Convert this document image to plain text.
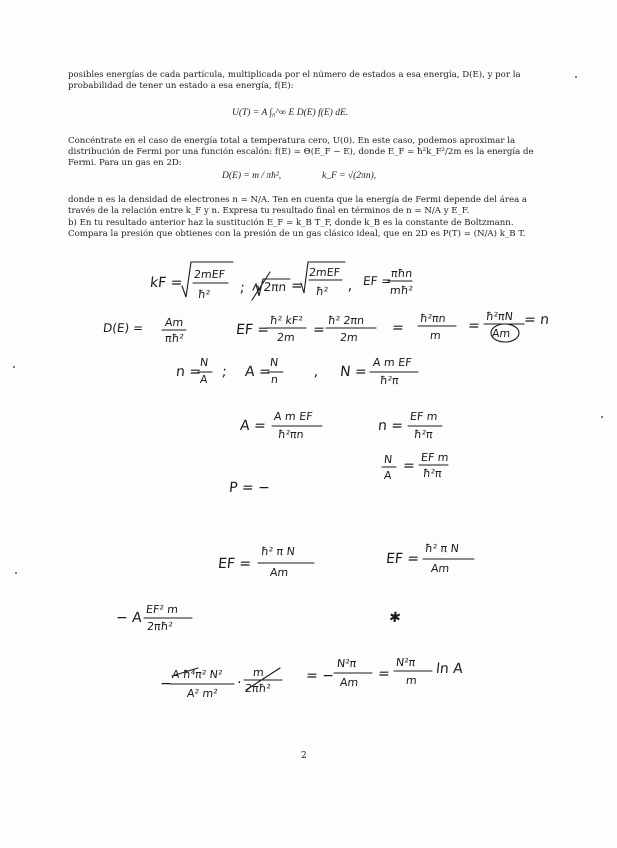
posibles energías de cada partícula, multiplicada por el número de estados a esa energía, D(E), y por la probabilidad de tener un estado a esa energía, f(E):

U(T) = A ∫₀^∞ E D(E) f(E) dE.

Concéntrate en el caso de energía total a temperatura cero, U(0). En este caso, podemos aproximar la distribución de Fermi por una función escalón: f(E) = Θ(E_F − E), donde E_F = ħ²k_F²/2m es la energía de Fermi. Para un gas en 2D:

D(E) = m / πħ²,	k_F = √(2πn),

donde n es la densidad de electrones n = N/A. Ten en cuenta que la energía de Fermi depende del área a través de la relación entre k_F y n. Expresa tu resultado final en términos de n = N/A y E_F.

b) En tu resultado anterior haz la sustitución E_F = k_B T_F, donde k_B es la constante de Boltzmann. Compara la presión que obtienes con la presión de un gas clásico ideal, que en 2D es P(T) = (N/A) k_B T.

kF =
2mEF
ħ² ; √2πn =
2mEF
ħ² , EF =
πħn
mħ²
D(E) = Am
πħ²
EF =
ħ² kF²
2m =
ħ² 2πn
2m
=
ħ²πn
m
=
ħ²πN
Am
= n
n =
N
A ; A =
N
n , N =
A m EF
ħ²π
A =
A m EF
ħ²πn
n =
EF m
ħ²π
N
A
=
EF m
ħ²π
P = −
EF =
ħ² π N
Am
EF =
ħ² π N
Am
− A
EF² m
2πħ²
✱
−
A ħ⁴π² N²
A² m²
·
m
2πħ²
= −
N²π
Am
=
N²π
m
ln A
2
